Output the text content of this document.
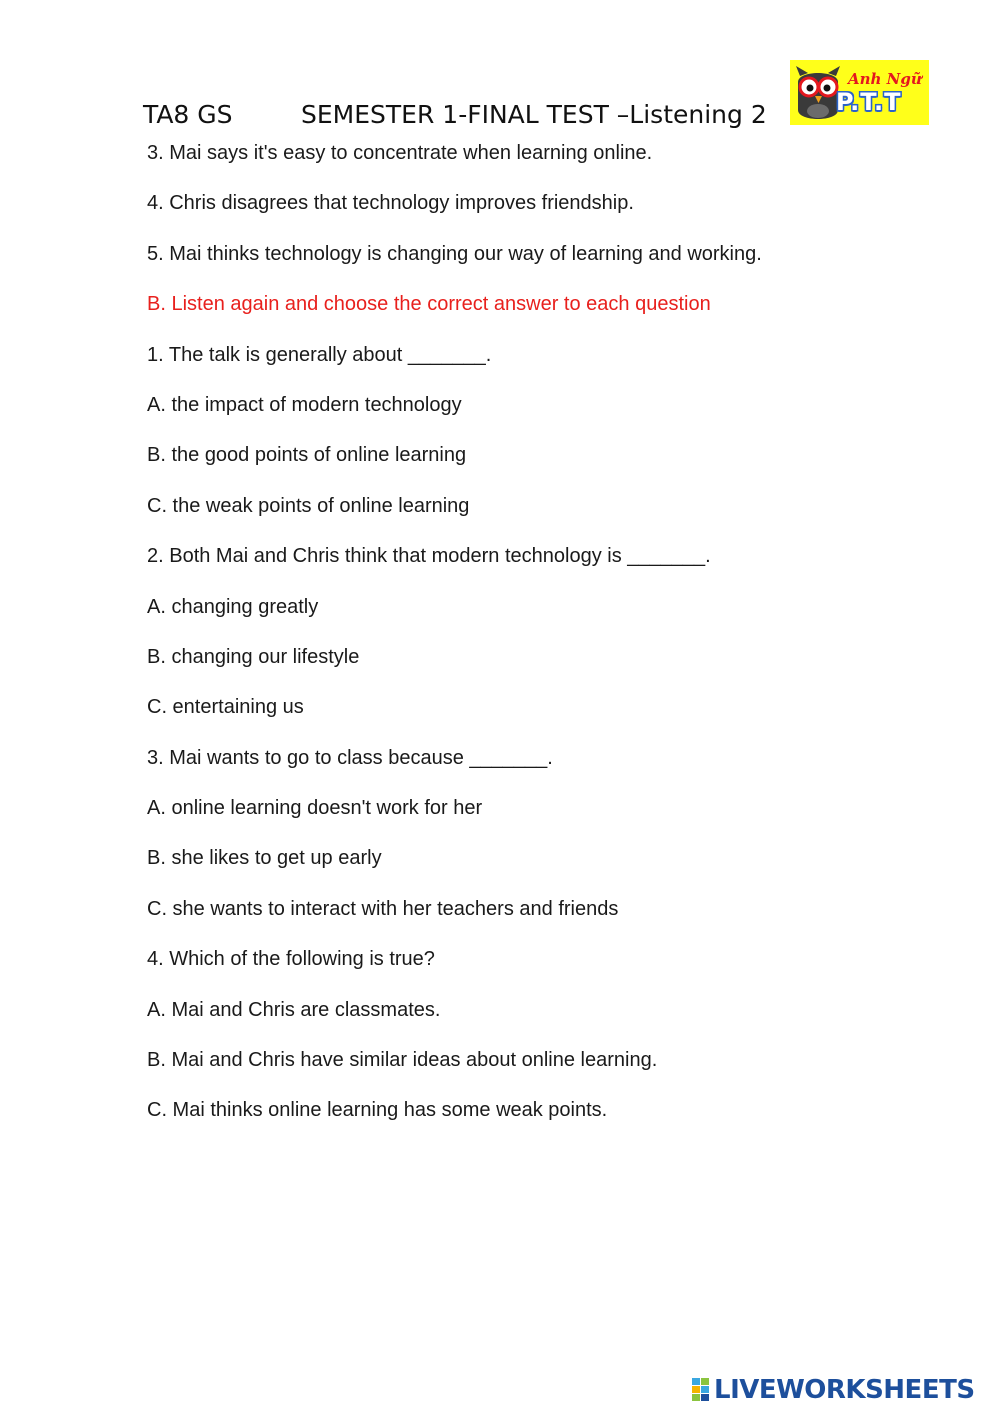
TA8 GS	SEMESTER 1-FINAL TEST –Listening 2
Anh Ngữ
P.T.T
3. Mai says it's easy to concentrate when learning online.
4. Chris disagrees that technology improves friendship.
5. Mai thinks technology is changing our way of learning and working.
B. Listen again and choose the correct answer to each question
1. The talk is generally about _______.
A. the impact of modern technology
B. the good points of online learning
C. the weak points of online learning
2. Both Mai and Chris think that modern technology is _______.
A. changing greatly
B. changing our lifestyle
C. entertaining us
3. Mai wants to go to class because _______.
A. online learning doesn't work for her
B. she likes to get up early
C. she wants to interact with her teachers and friends
4. Which of the following is true?
A. Mai and Chris are classmates.
B. Mai and Chris have similar ideas about online learning.
C. Mai thinks online learning has some weak points.
LIVEWORKSHEETS
